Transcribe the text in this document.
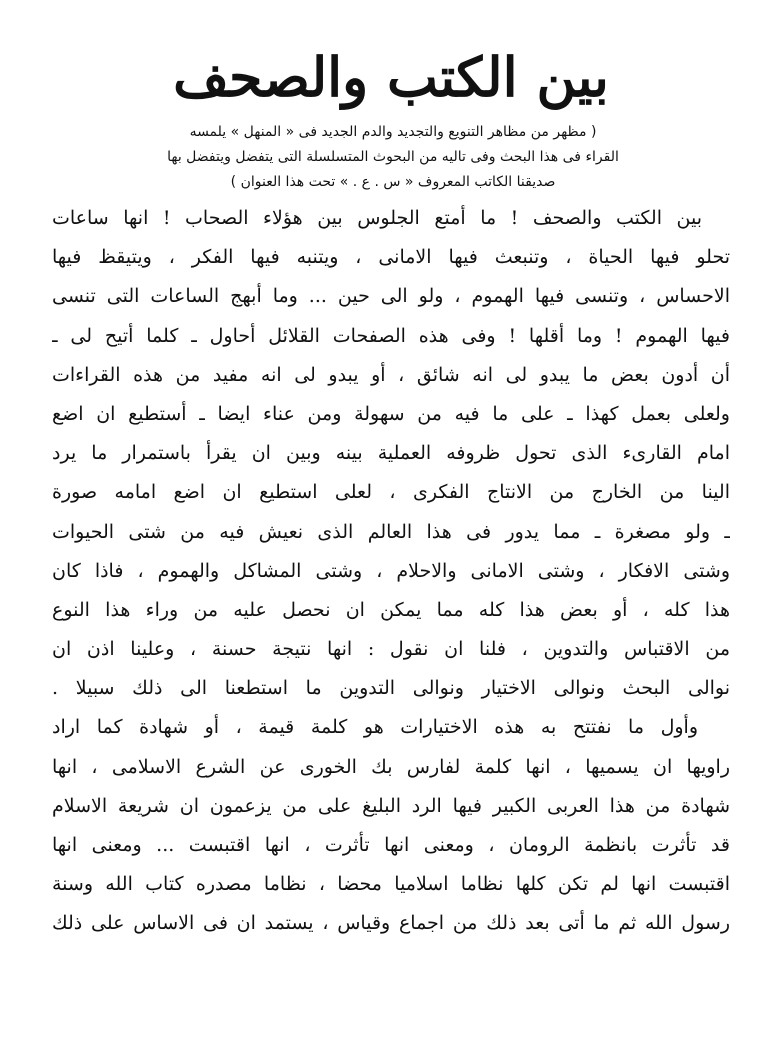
بين الكتب والصحف
( مظهر من مظاهر التنويع والتجديد والدم الجديد فى « المنهل » يلمسه
القراء فى هذا البحث وفى تاليه من البحوث المتسلسلة التى يتفضل ويتفضل بها
صديقنا الكاتب المعروف « س . ع . » تحت هذا العنوان )
بين الكتب والصحف ! ما أمتع الجلوس بين هؤلاء الصحاب ! انها ساعات
تحلو فيها الحياة ، وتنبعث فيها الامانى ، ويتنبه فيها الفكر ، ويتيقظ فيها
الاحساس ، وتنسى فيها الهموم ، ولو الى حين ... وما أبهج الساعات التى تنسى
فيها الهموم ! وما أقلها ! وفى هذه الصفحات القلائل أحاول ـ كلما أتيح لى ـ
أن أدون بعض ما يبدو لى انه شائق ، أو يبدو لى انه مفيد من هذه القراءات
ولعلى بعمل كهذا ـ على ما فيه من سهولة ومن عناء ايضا ـ أستطيع ان اضع
امام القارىء الذى تحول ظروفه العملية بينه وبين ان يقرأ باستمرار ما يرد
الينا من الخارج من الانتاج الفكرى ، لعلى استطيع ان اضع امامه صورة
ـ ولو مصغرة ـ مما يدور فى هذا العالم الذى نعيش فيه من شتى الحيوات
وشتى الافكار ، وشتى الامانى والاحلام ، وشتى المشاكل والهموم ، فاذا كان
هذا كله ، أو بعض هذا كله مما يمكن ان نحصل عليه من وراء هذا النوع
من الاقتباس والتدوين ، فلنا ان نقول : انها نتيجة حسنة ، وعلينا اذن ان
نوالى البحث ونوالى الاختيار ونوالى التدوين ما استطعنا الى ذلك سبيلا .
وأول ما نفتتح به هذه الاختيارات هو كلمة قيمة ، أو شهادة كما اراد
راويها ان يسميها ، انها كلمة لفارس بك الخورى عن الشرع الاسلامى ، انها
شهادة من هذا العربى الكبير فيها الرد البليغ على من يزعمون ان شريعة الاسلام
قد تأثرت بانظمة الرومان ، ومعنى انها تأثرت ، انها اقتبست ... ومعنى انها
اقتبست انها لم تكن كلها نظاما اسلاميا محضا ، نظاما مصدره كتاب الله وسنة
رسول الله ثم ما أتى بعد ذلك من اجماع وقياس ، يستمد ان فى الاساس على ذلك
